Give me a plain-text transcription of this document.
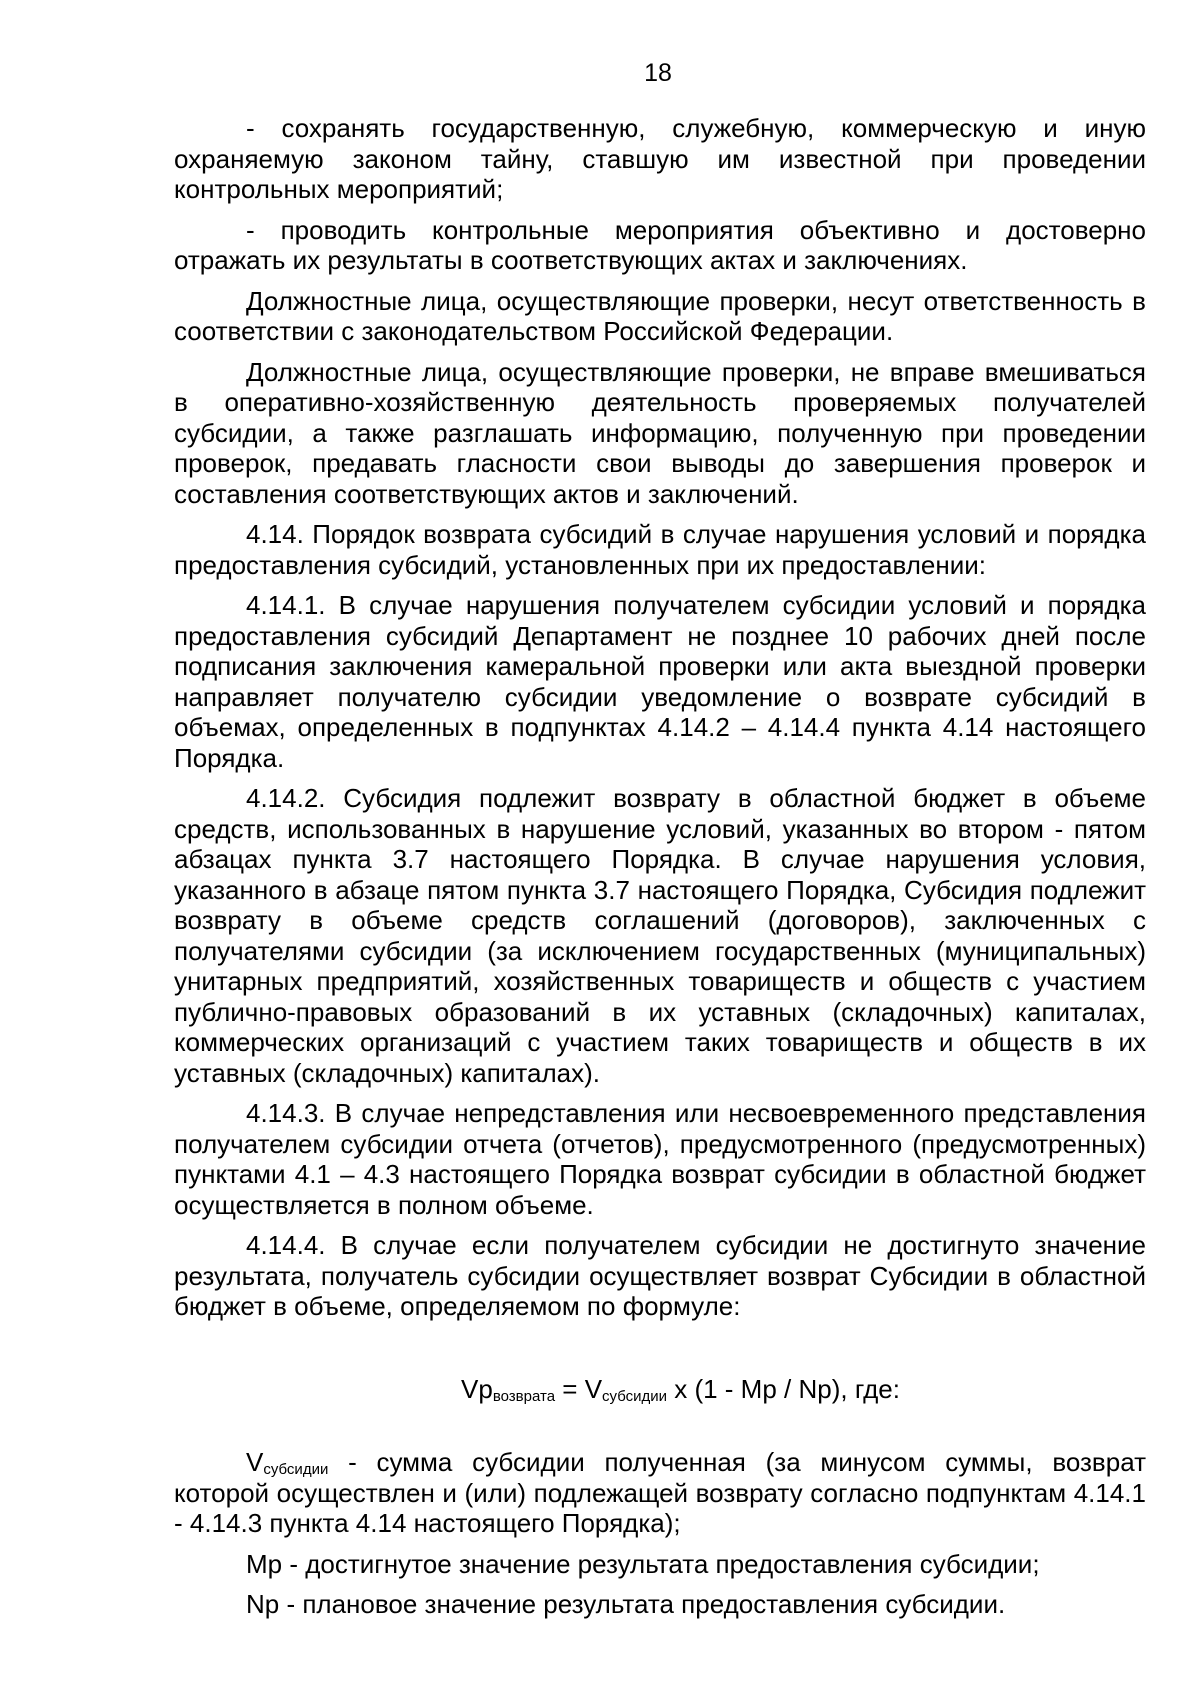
18

- сохранять государственную, служебную, коммерческую и иную охраняемую законом тайну, ставшую им известной при проведении контрольных мероприятий;

- проводить контрольные мероприятия объективно и достоверно отражать их результаты в соответствующих актах и заключениях.

Должностные лица, осуществляющие проверки, несут ответственность в соответствии с законодательством Российской Федерации.

Должностные лица, осуществляющие проверки, не вправе вмешиваться в оперативно-хозяйственную деятельность проверяемых получателей субсидии, а также разглашать информацию, полученную при проведении проверок, предавать гласности свои выводы до завершения проверок и составления соответствующих актов и заключений.

4.14. Порядок возврата субсидий в случае нарушения условий и порядка предоставления субсидий, установленных при их предоставлении:

4.14.1. В случае нарушения получателем субсидии условий и порядка предоставления субсидий Департамент не позднее 10 рабочих дней после подписания заключения камеральной проверки или акта выездной проверки направляет получателю субсидии уведомление о возврате субсидий в объемах, определенных в подпунктах 4.14.2 – 4.14.4 пункта 4.14 настоящего Порядка.

4.14.2. Субсидия подлежит возврату в областной бюджет в объеме средств, использованных в нарушение условий, указанных во втором - пятом абзацах пункта 3.7 настоящего Порядка. В случае нарушения условия, указанного в абзаце пятом пункта 3.7 настоящего Порядка, Субсидия подлежит возврату в объеме средств соглашений (договоров), заключенных с получателями субсидии (за исключением государственных (муниципальных) унитарных предприятий, хозяйственных товариществ и обществ с участием публично-правовых образований в их уставных (складочных) капиталах, коммерческих организаций с участием таких товариществ и обществ в их уставных (складочных) капиталах).

4.14.3. В случае непредставления или несвоевременного представления получателем субсидии отчета (отчетов), предусмотренного (предусмотренных) пунктами 4.1 – 4.3 настоящего Порядка возврат субсидии в областной бюджет осуществляется в полном объеме.

4.14.4. В случае если получателем субсидии не достигнуто значение результата, получатель субсидии осуществляет возврат Субсидии в областной бюджет в объеме, определяемом по формуле:

$Vр_{возврата} = V_{субсидии}$ х (1 - Mр / Nр), где:

$V_{субсидии}$ - сумма субсидии полученная (за минусом суммы, возврат которой осуществлен и (или) подлежащей возврату согласно подпунктам 4.14.1 - 4.14.3 пункта 4.14 настоящего Порядка);

Mр - достигнутое значение результата предоставления субсидии;

Nр - плановое значение результата предоставления субсидии.
